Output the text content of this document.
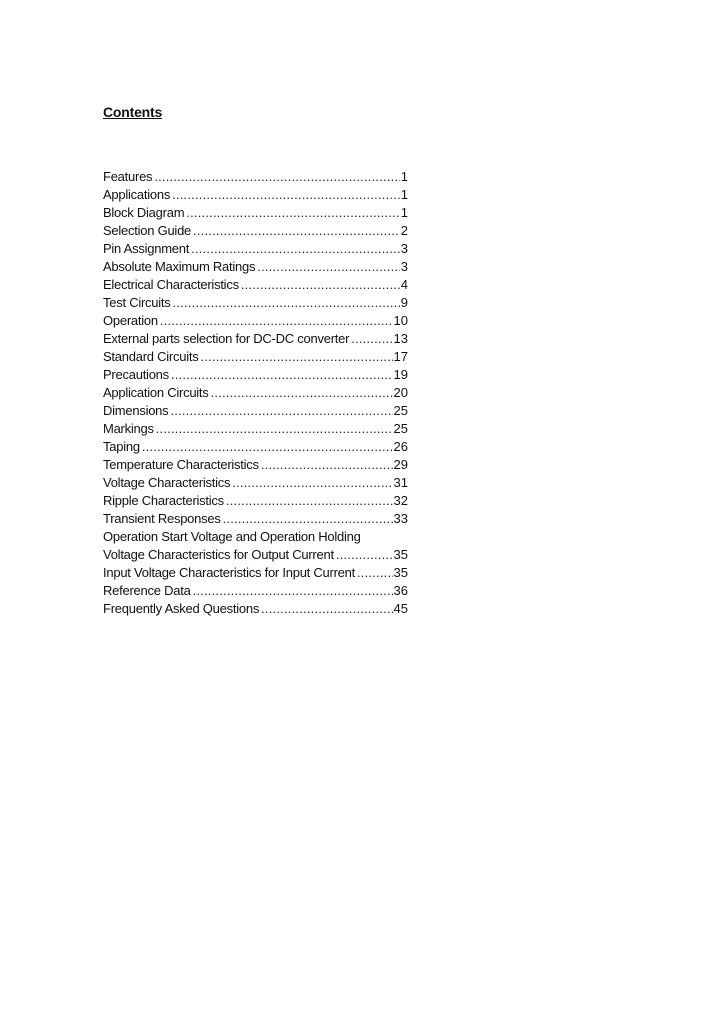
Contents
Features .....	1
Applications .....	1
Block Diagram .....	1
Selection Guide .....	2
Pin Assignment .....	3
Absolute Maximum Ratings .....	3
Electrical Characteristics .....	4
Test Circuits .....	9
Operation .....	10
External parts selection for DC-DC converter .....	13
Standard Circuits .....	17
Precautions .....	19
Application Circuits .....	20
Dimensions .....	25
Markings .....	25
Taping .....	26
Temperature Characteristics .....	29
Voltage Characteristics .....	31
Ripple Characteristics .....	32
Transient Responses .....	33
Operation Start Voltage and Operation Holding
Voltage Characteristics for Output Current .....	35
Input Voltage Characteristics for Input Current .....	35
Reference Data .....	36
Frequently Asked Questions .....	45
